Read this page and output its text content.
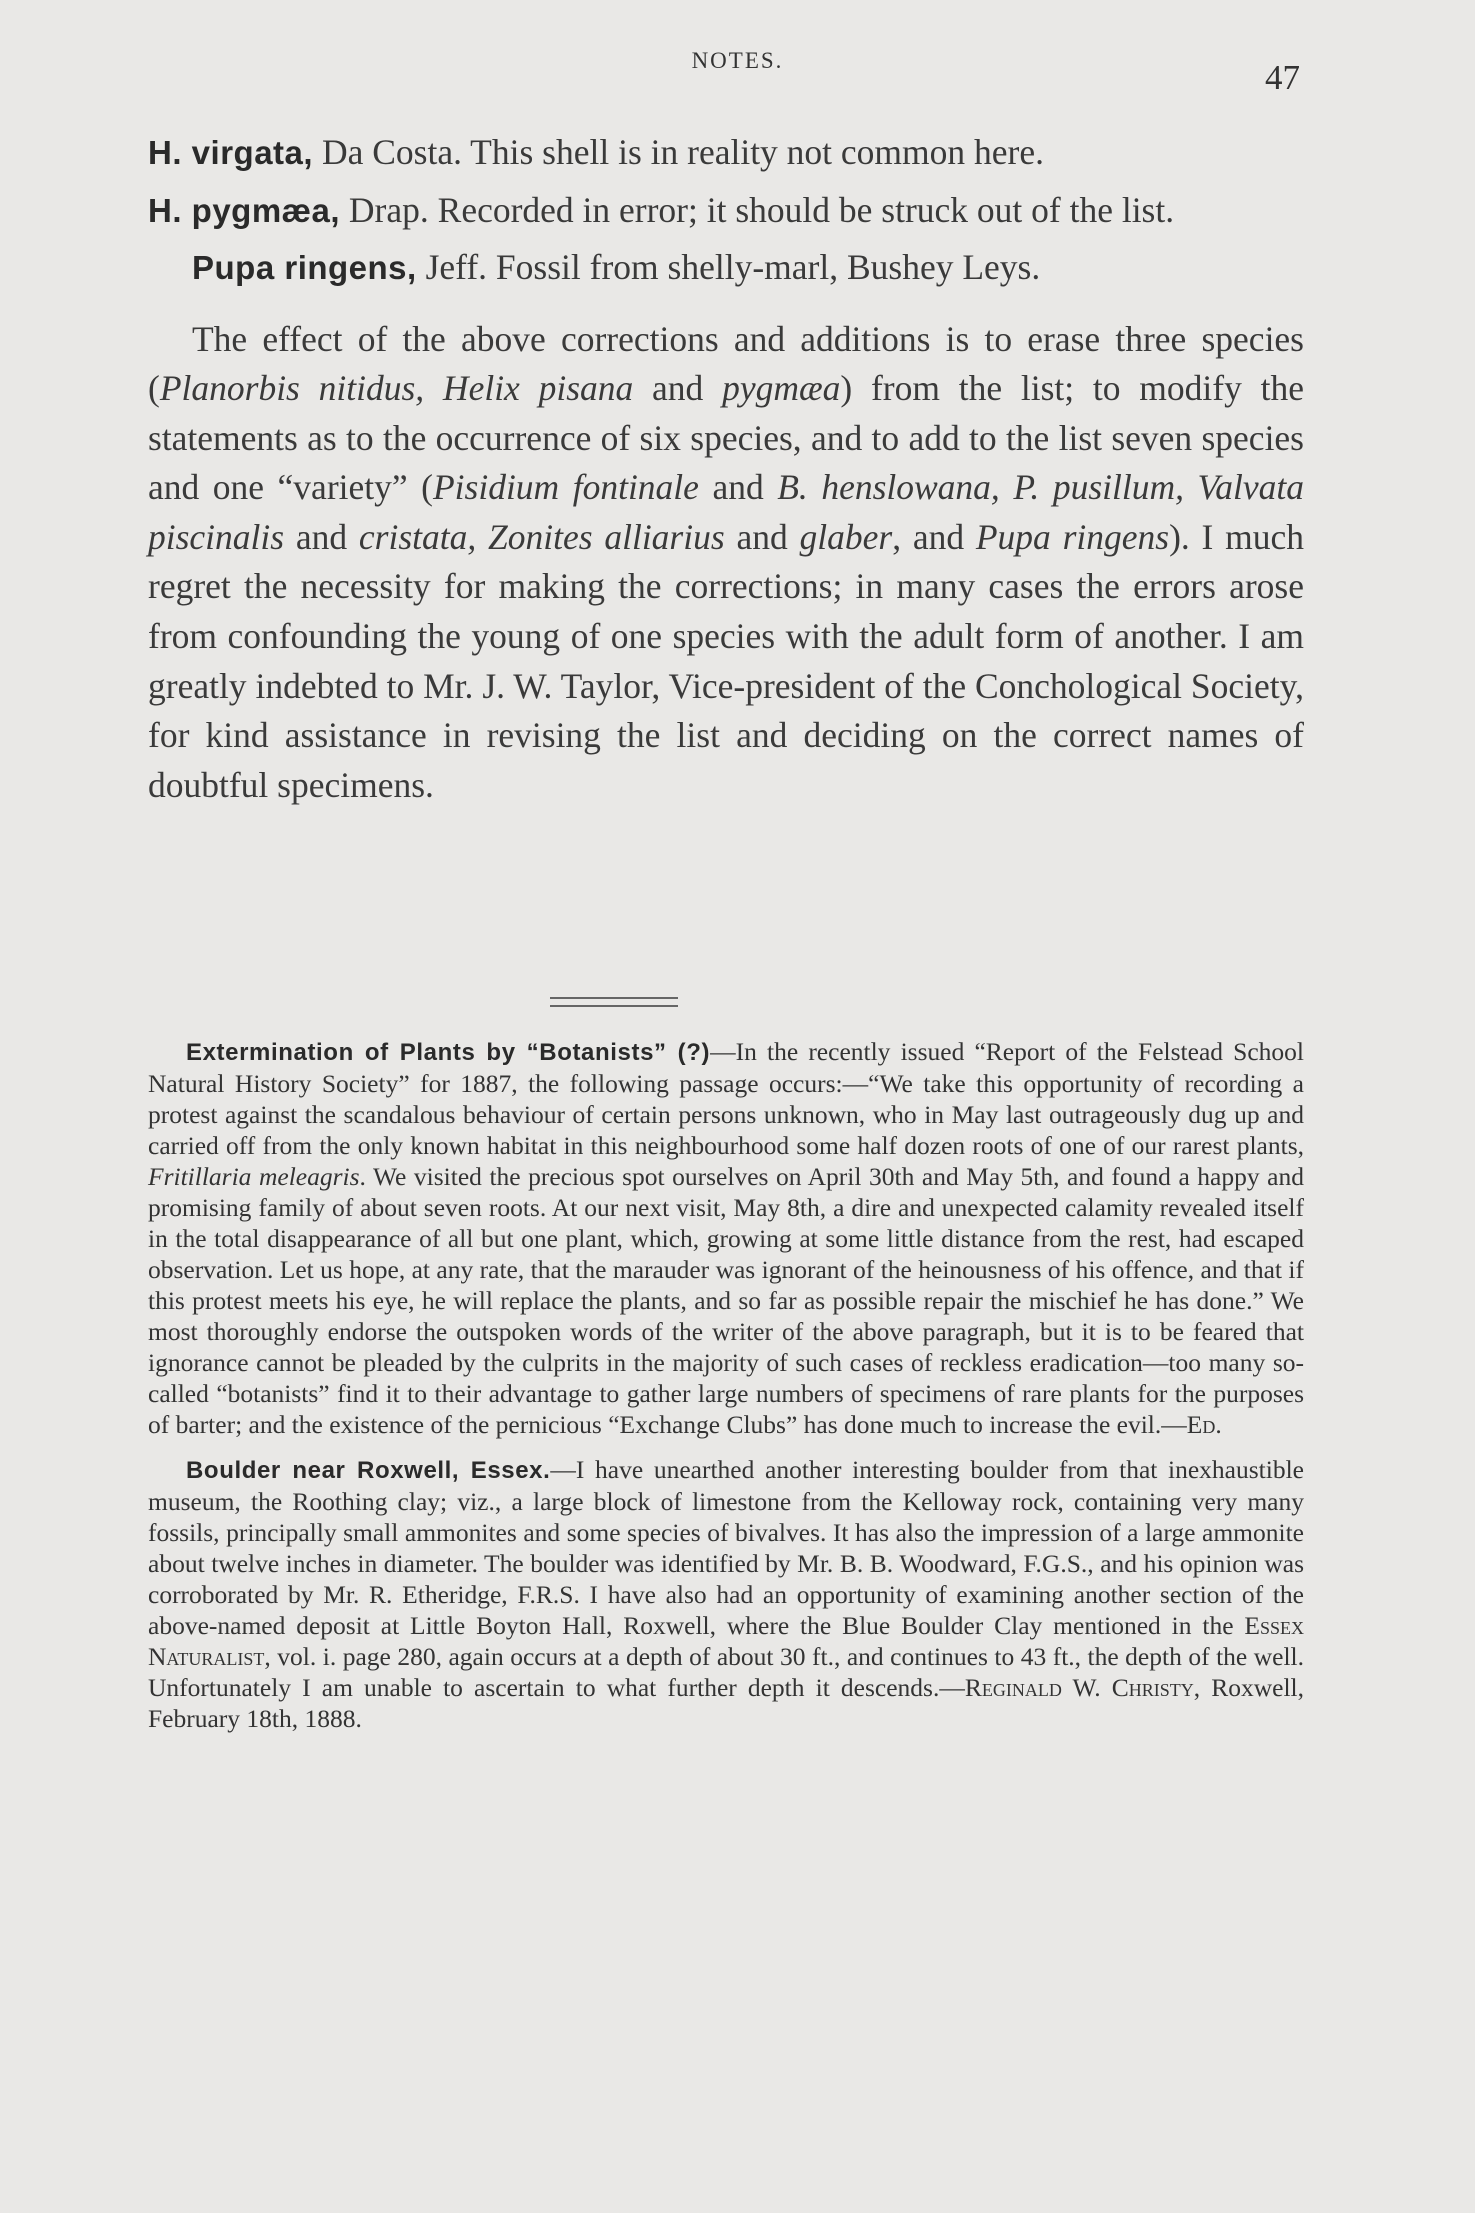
NOTES.	47

H. virgata, Da Costa. This shell is in reality not common here.

H. pygmæa, Drap. Recorded in error; it should be struck out of the list.

Pupa ringens, Jeff. Fossil from shelly-marl, Bushey Leys.

The effect of the above corrections and additions is to erase three species (Planorbis nitidus, Helix pisana and pygmæa) from the list; to modify the statements as to the occurrence of six species, and to add to the list seven species and one “variety” (Pisidium fontinale and B. henslowana, P. pusillum, Valvata piscinalis and cristata, Zonites alliarius and glaber, and Pupa ringens). I much regret the necessity for making the corrections; in many cases the errors arose from confounding the young of one species with the adult form of another. I am greatly indebted to Mr. J. W. Taylor, Vice-president of the Conchological Society, for kind assistance in revising the list and deciding on the correct names of doubtful specimens.

Extermination of Plants by “Botanists” (?)—In the recently issued “Report of the Felstead School Natural History Society” for 1887, the following passage occurs:—“We take this opportunity of recording a protest against the scandalous behaviour of certain persons unknown, who in May last outrageously dug up and carried off from the only known habitat in this neighbourhood some half dozen roots of one of our rarest plants, Fritillaria meleagris. We visited the precious spot ourselves on April 30th and May 5th, and found a happy and promising family of about seven roots. At our next visit, May 8th, a dire and unexpected calamity revealed itself in the total disappearance of all but one plant, which, growing at some little distance from the rest, had escaped observation. Let us hope, at any rate, that the marauder was ignorant of the heinousness of his offence, and that if this protest meets his eye, he will replace the plants, and so far as possible repair the mischief he has done.” We most thoroughly endorse the outspoken words of the writer of the above paragraph, but it is to be feared that ignorance cannot be pleaded by the culprits in the majority of such cases of reckless eradication—too many so-called “botanists” find it to their advantage to gather large numbers of specimens of rare plants for the purposes of barter; and the existence of the pernicious “Exchange Clubs” has done much to increase the evil.—Ed.

Boulder near Roxwell, Essex.—I have unearthed another interesting boulder from that inexhaustible museum, the Roothing clay; viz., a large block of limestone from the Kelloway rock, containing very many fossils, principally small ammonites and some species of bivalves. It has also the impression of a large ammonite about twelve inches in diameter. The boulder was identified by Mr. B. B. Woodward, F.G.S., and his opinion was corroborated by Mr. R. Etheridge, F.R.S. I have also had an opportunity of examining another section of the above-named deposit at Little Boyton Hall, Roxwell, where the Blue Boulder Clay mentioned in the Essex Naturalist, vol. i. page 280, again occurs at a depth of about 30 ft., and continues to 43 ft., the depth of the well. Unfortunately I am unable to ascertain to what further depth it descends.—Reginald W. Christy, Roxwell, February 18th, 1888.
